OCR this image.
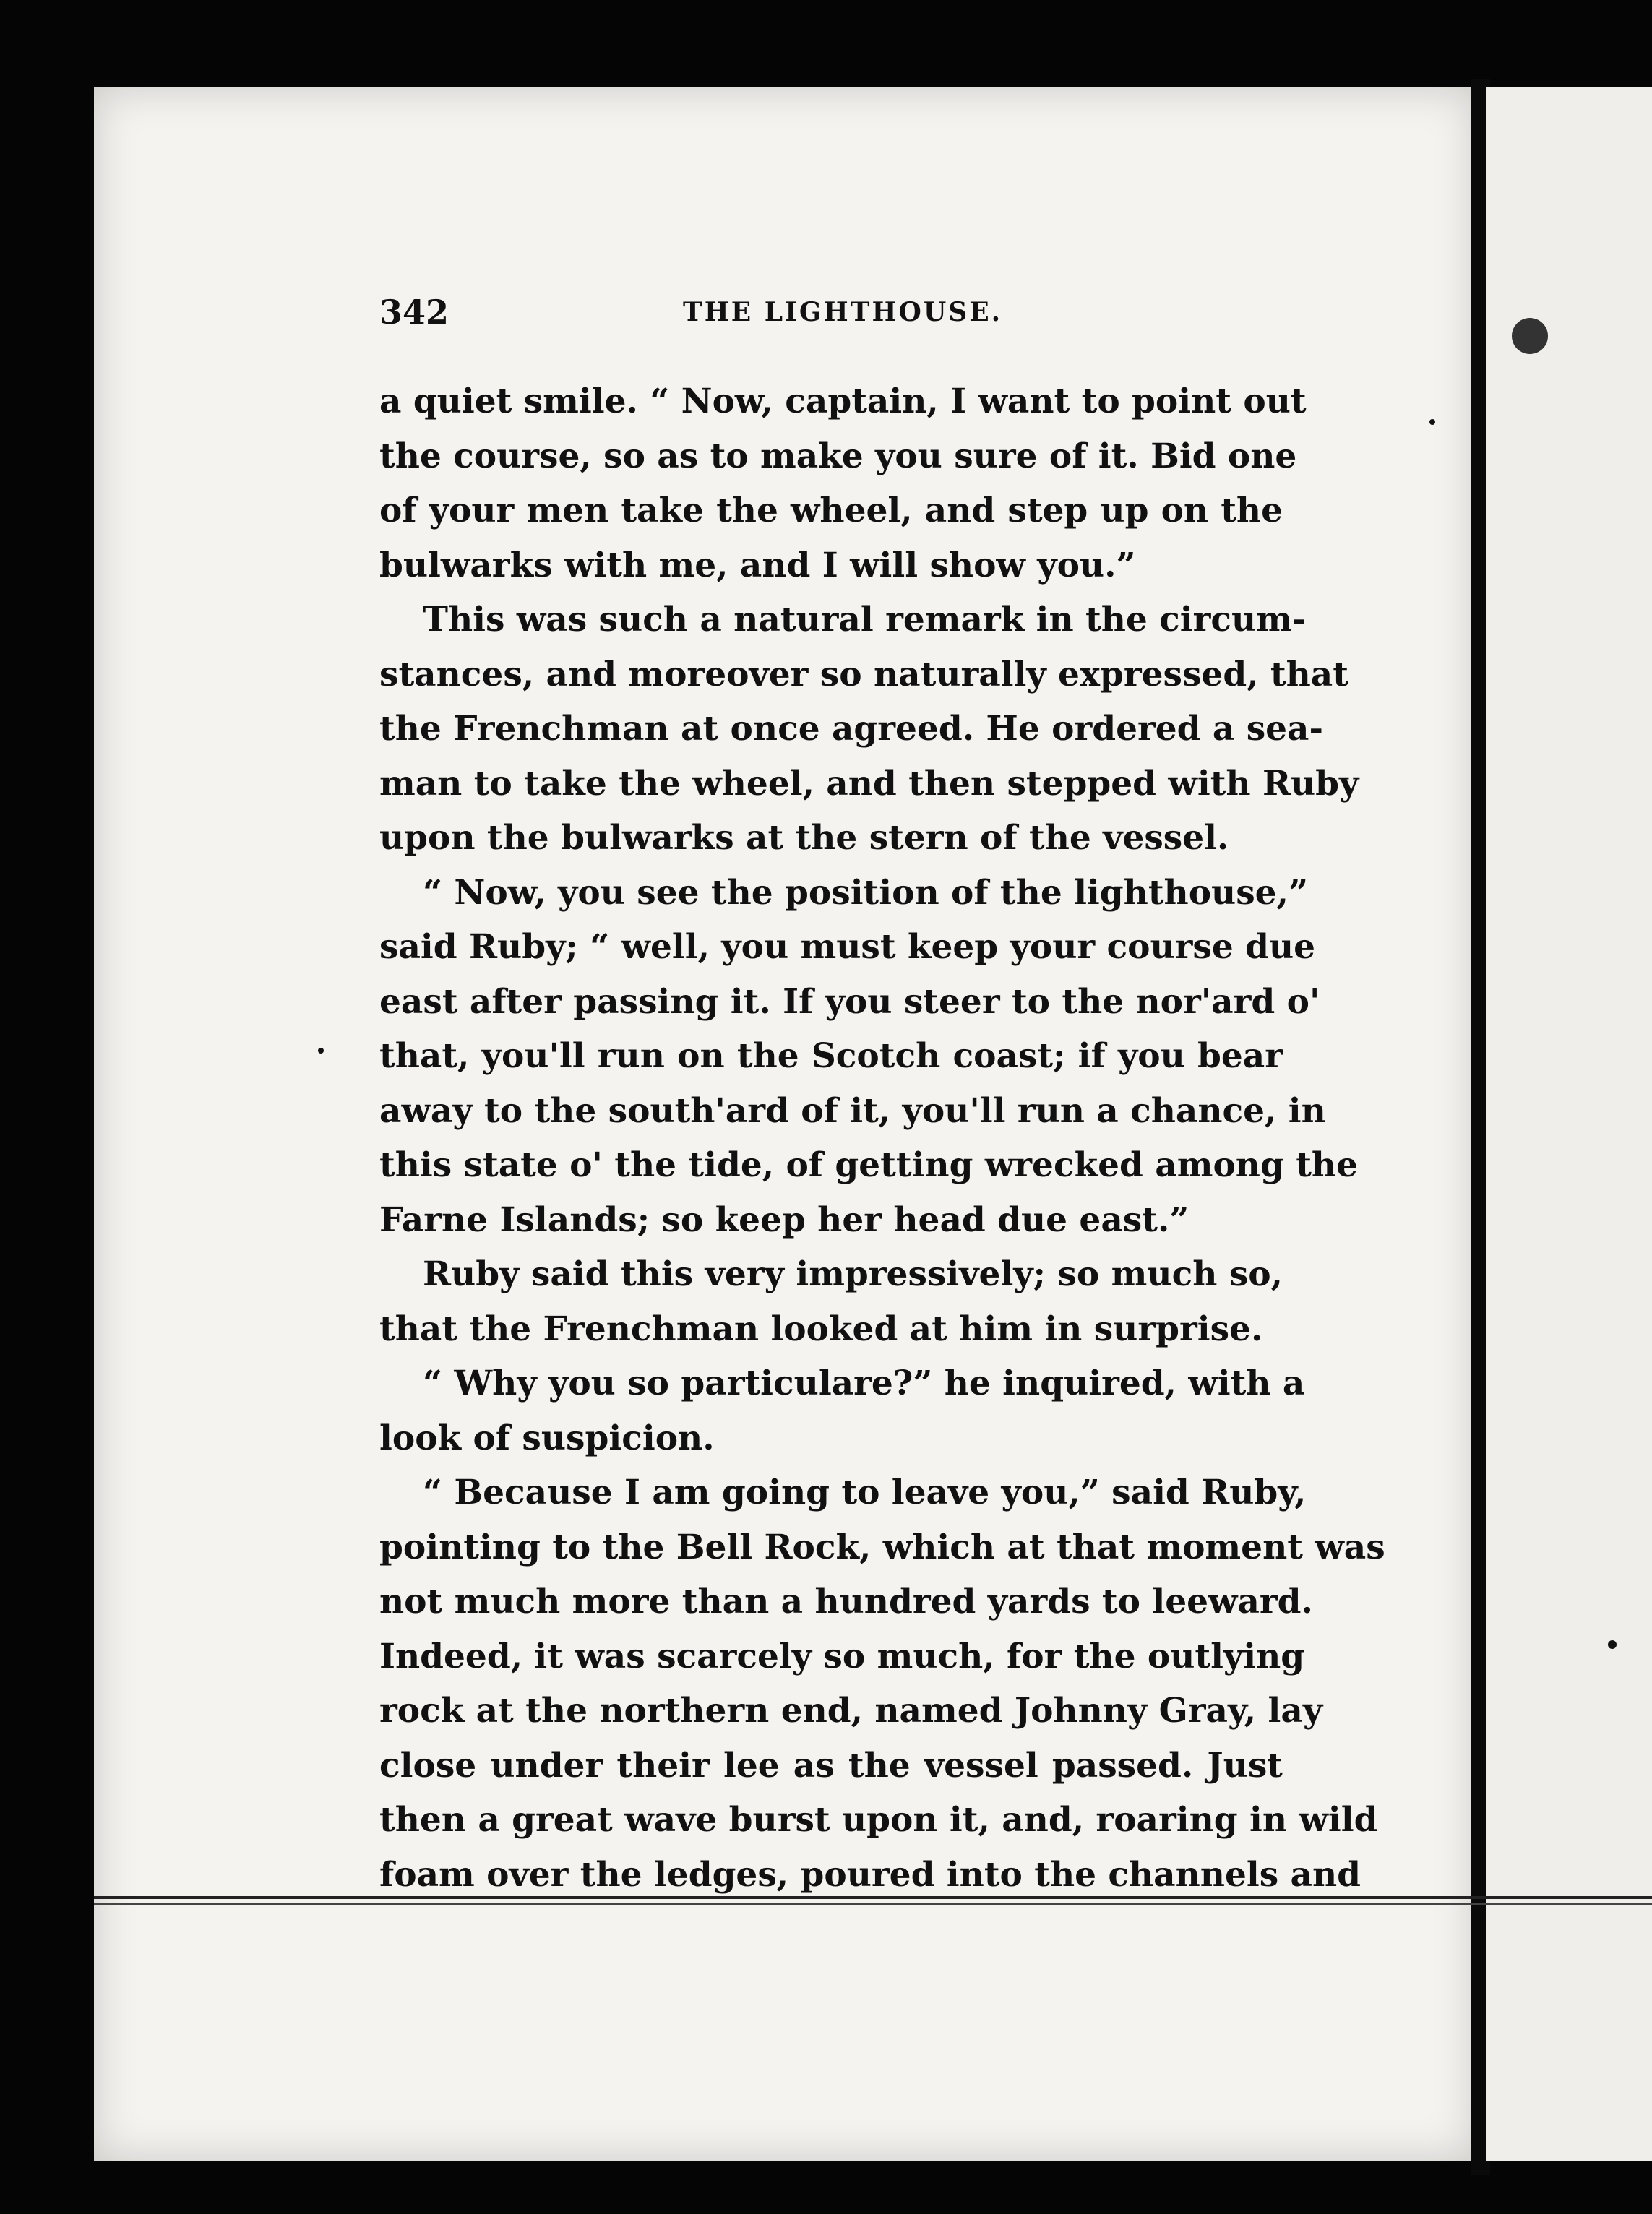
342	THE LIGHTHOUSE.
a quiet smile. “ Now, captain, I want to point out
the course, so as to make you sure of it. Bid one
of your men take the wheel, and step up on the
bulwarks with me, and I will show you.”
This was such a natural remark in the circum-
stances, and moreover so naturally expressed, that
the Frenchman at once agreed. He ordered a sea-
man to take the wheel, and then stepped with Ruby
upon the bulwarks at the stern of the vessel.
“ Now, you see the position of the lighthouse,”
said Ruby; “ well, you must keep your course due
east after passing it. If you steer to the nor'ard o'
that, you'll run on the Scotch coast; if you bear
away to the south'ard of it, you'll run a chance, in
this state o' the tide, of getting wrecked among the
Farne Islands; so keep her head due east.”
Ruby said this very impressively; so much so,
that the Frenchman looked at him in surprise.
“ Why you so particulare?” he inquired, with a
look of suspicion.
“ Because I am going to leave you,” said Ruby,
pointing to the Bell Rock, which at that moment was
not much more than a hundred yards to leeward.
Indeed, it was scarcely so much, for the outlying
rock at the northern end, named Johnny Gray, lay
close under their lee as the vessel passed. Just
then a great wave burst upon it, and, roaring in wild
foam over the ledges, poured into the channels and
